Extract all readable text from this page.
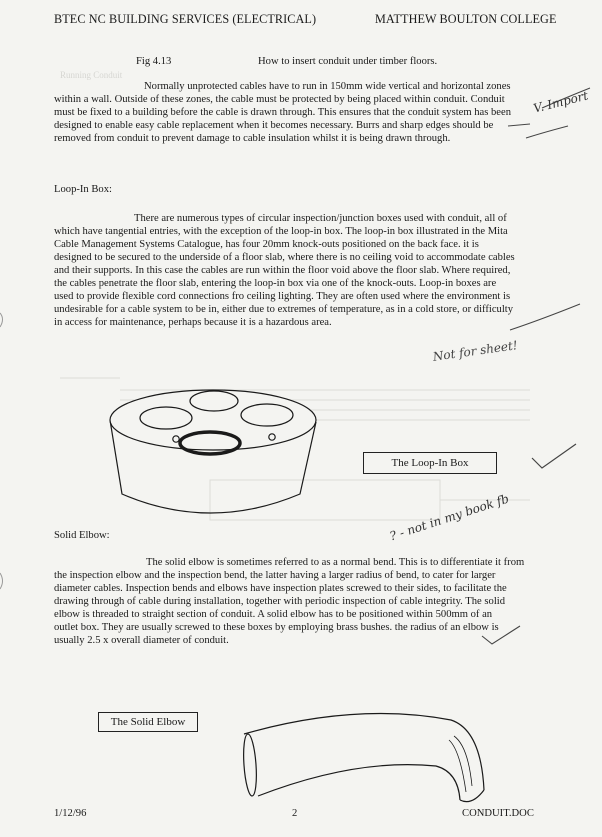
BTEC NC BUILDING SERVICES (ELECTRICAL)	MATTHEW BOULTON COLLEGE
Fig 4.13	How to insert conduit under timber floors.
Running Conduit
Normally unprotected cables have to run in 150mm wide vertical and horizontal zones
within a wall. Outside of these zones, the cable must be protected by being placed within conduit. Conduit
must be fixed to a building before the cable is drawn through. This ensures that the conduit system has been
designed to enable easy cable replacement when it becomes necessary. Burrs and sharp edges should be
removed from conduit to prevent damage to cable insulation whilst it is being drawn through.
Loop-In Box:
There are numerous types of circular inspection/junction boxes used with conduit, all of
which have tangential entries, with the exception of the loop-in box. The loop-in box illustrated in the Mita
Cable Management Systems Catalogue, has four 20mm knock-outs positioned on the back face. it is
designed to be secured to the underside of a floor slab, where there is no ceiling void to accommodate cables
and their supports. In this case the cables are run within the floor void above the floor slab. Where required,
the cables penetrate the floor slab, entering the loop-in box via one of the knock-outs. Loop-in boxes are
used to provide flexible cord connections fro ceiling lighting. They are often used where the environment is
undesirable for a cable system to be in, either due to extremes of temperature, as in a cold store, or difficulty
in access for maintenance, perhaps because it is a hazardous area.
The Loop-In Box
Solid Elbow:
The solid elbow is sometimes referred to as a normal bend. This is to differentiate it from
the inspection elbow and the inspection bend, the latter having a larger radius of bend, to cater for larger
diameter cables. Inspection bends and elbows have inspection plates screwed to their sides, to facilitate the
drawing through of cable during installation, together with periodic inspection of cable integrity. The solid
elbow is threaded to straight section of conduit. A solid elbow has to be positioned within 500mm of an
outlet box. They are usually screwed to these boxes by employing brass bushes. the radius of an elbow is
usually 2.5 x overall diameter of conduit.
The Solid Elbow
V. Import
Not for sheet!
? - not in my book fb
1/12/96	2	CONDUIT.DOC
